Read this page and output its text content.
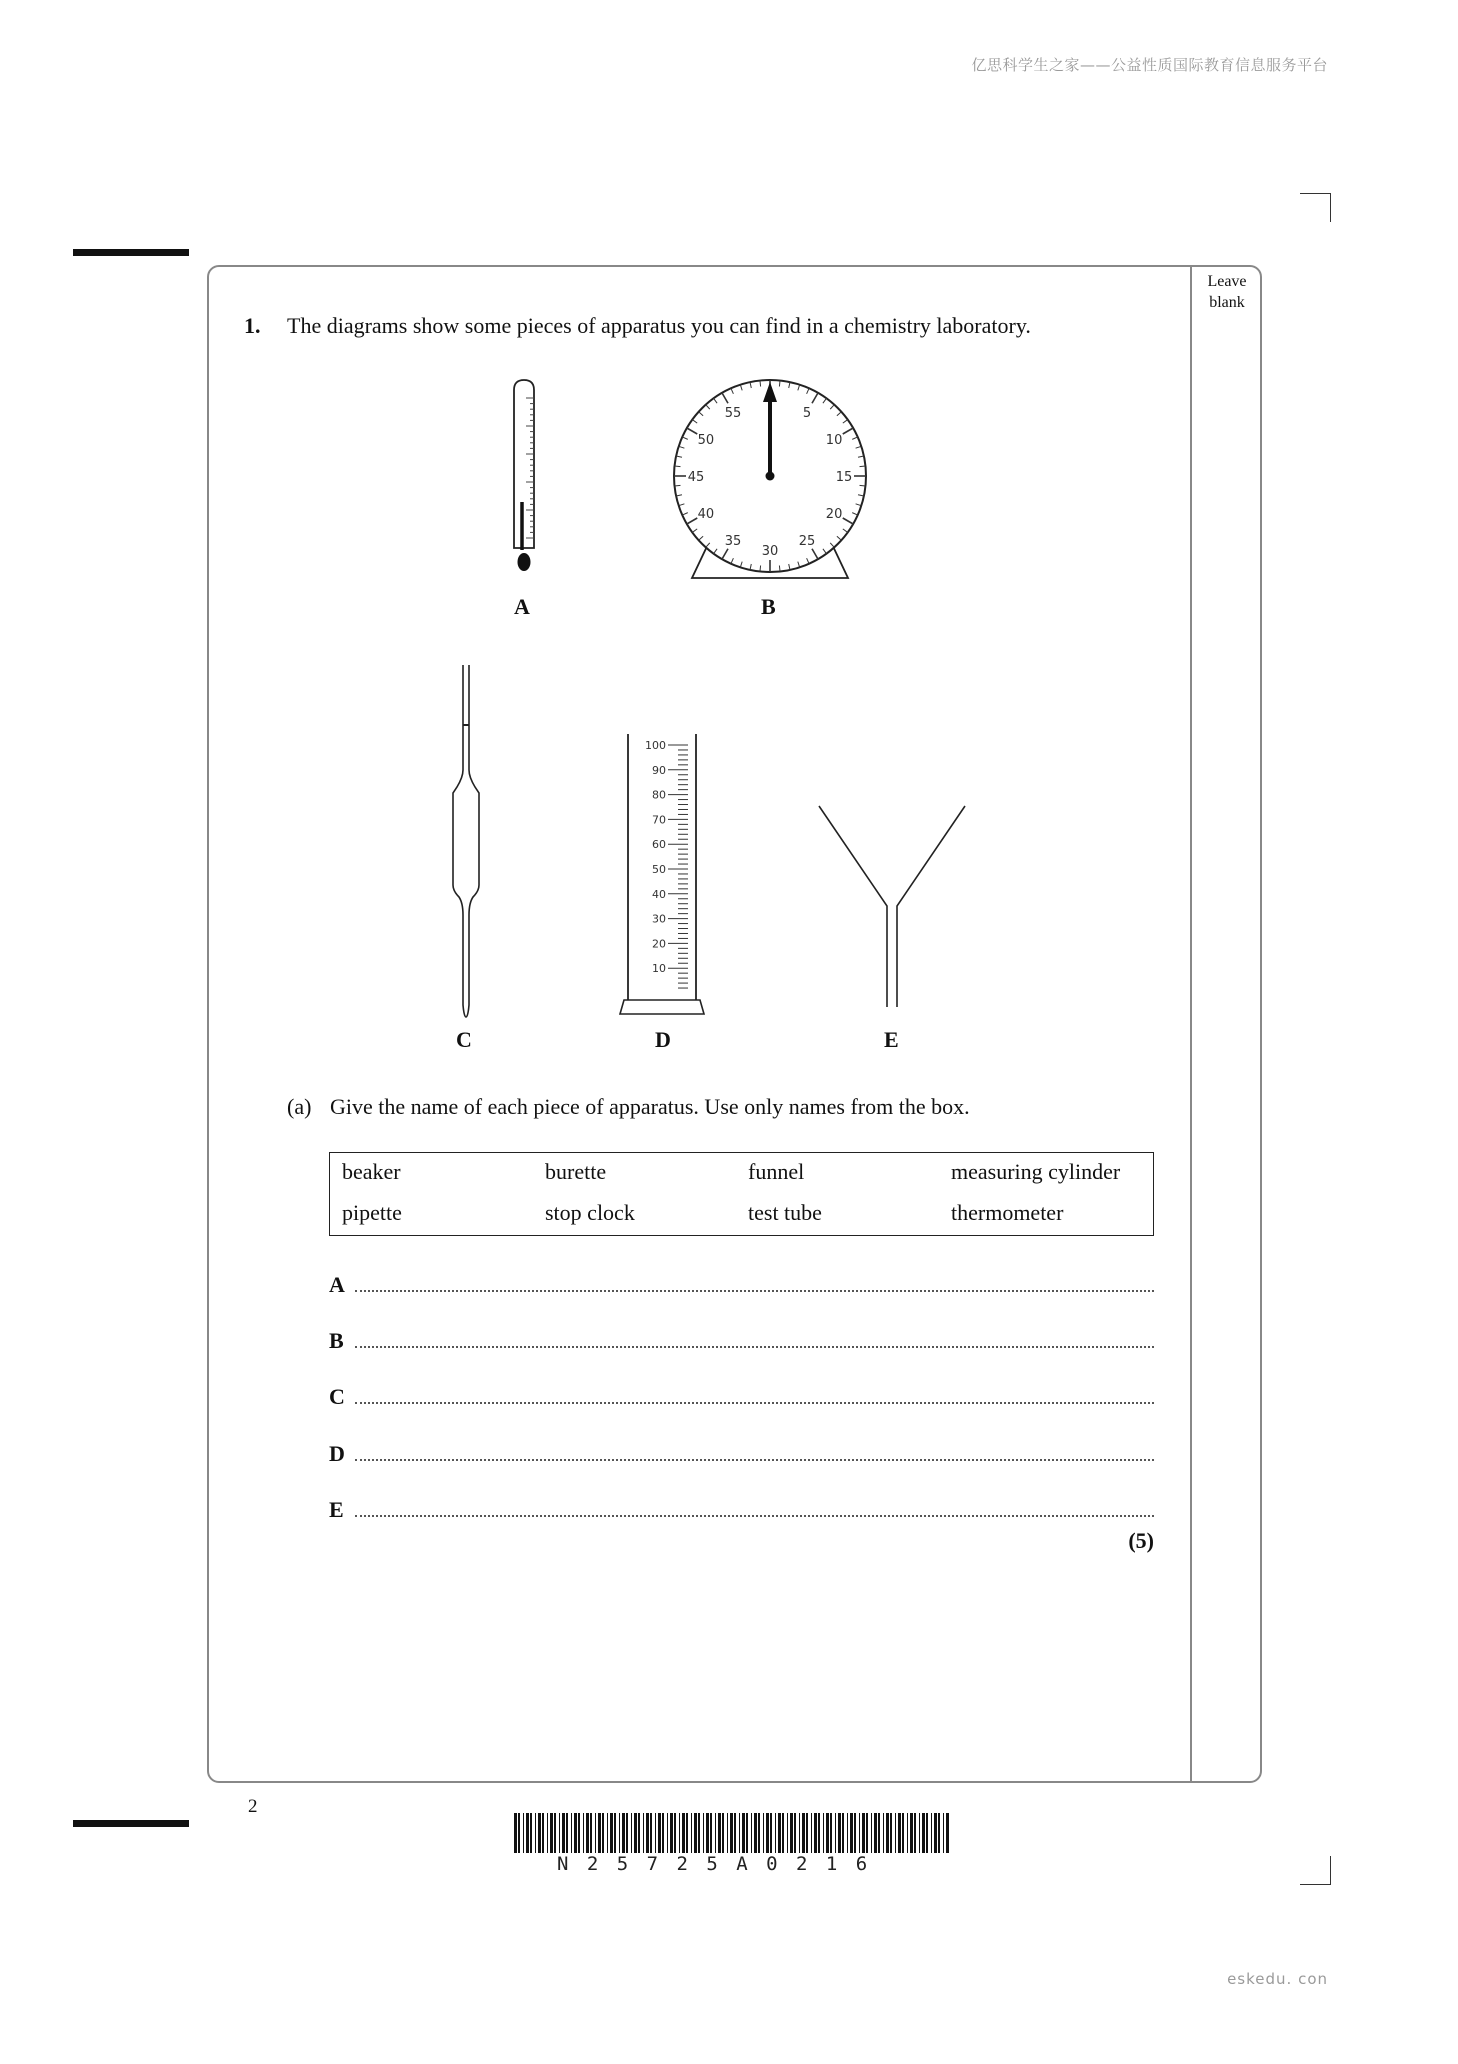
亿思科学生之家——公益性质国际教育信息服务平台
Leave
blank
1. The diagrams show some pieces of apparatus you can find in a chemistry laboratory.
A
5
10
15
20
25
30
35
40
45
50
55
B
C
100
90
80
70
60
50
40
30
20
10
D	E
(a) Give the name of each piece of apparatus. Use only names from the box.
beaker	burette	funnel	measuring cylinder
pipette	stop clock	test tube	thermometer
A
B
C
D
E
(5)
2
N 2 5 7 2 5 A 0 2 1 6
eskedu. con
